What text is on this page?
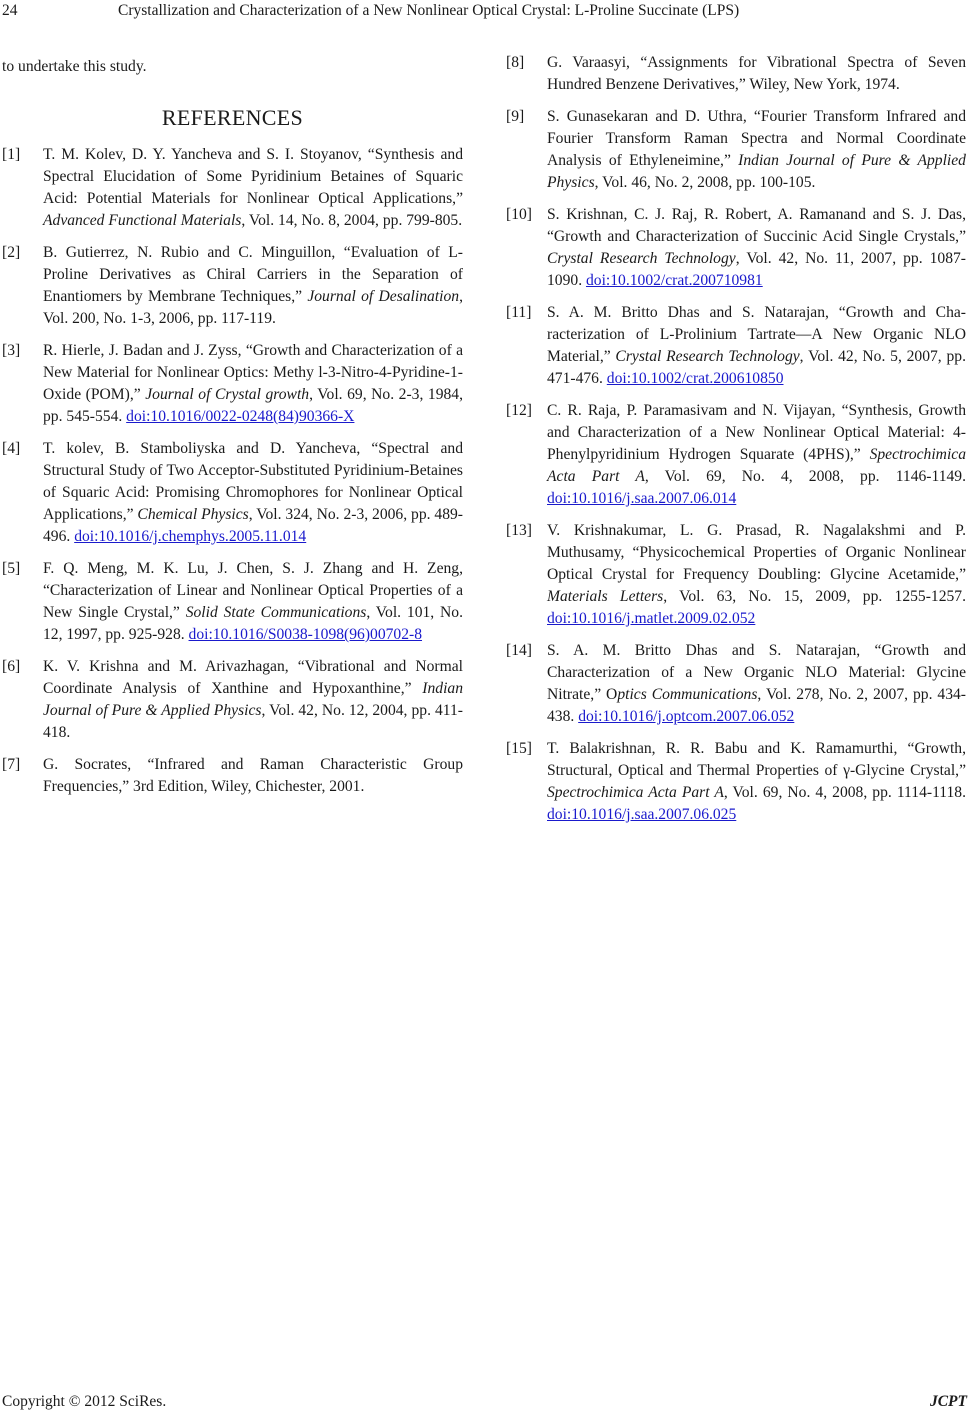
24	Crystallization and Characterization of a New Nonlinear Optical Crystal: L-Proline Succinate (LPS)

to undertake this study.

REFERENCES
[1] T. M. Kolev, D. Y. Yancheva and S. I. Stoyanov, “Synthesis and Spectral Elucidation of Some Pyridinium Betaines of Squaric Acid: Potential Materials for Nonlinear Optical Applications,” Advanced Functional Materials, Vol. 14, No. 8, 2004, pp. 799-805.
[2] B. Gutierrez, N. Rubio and C. Minguillon, “Evaluation of L-Proline Derivatives as Chiral Carriers in the Separation of Enantiomers by Membrane Techniques,” Journal of Desalination, Vol. 200, No. 1-3, 2006, pp. 117-119.
[3] R. Hierle, J. Badan and J. Zyss, “Growth and Characterization of a New Material for Nonlinear Optics: Methy l-3-Nitro-4-Pyridine-1-Oxide (POM),” Journal of Crystal growth, Vol. 69, No. 2-3, 1984, pp. 545-554. doi:10.1016/0022-0248(84)90366-X
[4] T. kolev, B. Stamboliyska and D. Yancheva, “Spectral and Structural Study of Two Acceptor-Substituted Pyridinium-Betaines of Squaric Acid: Promising Chromophores for Nonlinear Optical Applications,” Chemical Physics, Vol. 324, No. 2-3, 2006, pp. 489-496. doi:10.1016/j.chemphys.2005.11.014
[5] F. Q. Meng, M. K. Lu, J. Chen, S. J. Zhang and H. Zeng, “Characterization of Linear and Nonlinear Optical Properties of a New Single Crystal,” Solid State Communications, Vol. 101, No. 12, 1997, pp. 925-928. doi:10.1016/S0038-1098(96)00702-8
[6] K. V. Krishna and M. Arivazhagan, “Vibrational and Normal Coordinate Analysis of Xanthine and Hypoxanthine,” Indian Journal of Pure & Applied Physics, Vol. 42, No. 12, 2004, pp. 411-418.
[7] G. Socrates, “Infrared and Raman Characteristic Group Frequencies,” 3rd Edition, Wiley, Chichester, 2001.
[8] G. Varaasyi, “Assignments for Vibrational Spectra of Seven Hundred Benzene Derivatives,” Wiley, New York, 1974.
[9] S. Gunasekaran and D. Uthra, “Fourier Transform Infrared and Fourier Transform Raman Spectra and Normal Coordinate Analysis of Ethyleneimine,” Indian Journal of Pure & Applied Physics, Vol. 46, No. 2, 2008, pp. 100-105.
[10] S. Krishnan, C. J. Raj, R. Robert, A. Ramanand and S. J. Das, “Growth and Characterization of Succinic Acid Single Crystals,” Crystal Research Technology, Vol. 42, No. 11, 2007, pp. 1087-1090. doi:10.1002/crat.200710981
[11] S. A. M. Britto Dhas and S. Natarajan, “Growth and Characterization of L-Prolinium Tartrate—A New Organic NLO Material,” Crystal Research Technology, Vol. 42, No. 5, 2007, pp. 471-476. doi:10.1002/crat.200610850
[12] C. R. Raja, P. Paramasivam and N. Vijayan, “Synthesis, Growth and Characterization of a New Nonlinear Optical Material: 4-Phenylpyridinium Hydrogen Squarate (4PHS),” Spectrochimica Acta Part A, Vol. 69, No. 4, 2008, pp. 1146-1149. doi:10.1016/j.saa.2007.06.014
[13] V. Krishnakumar, L. G. Prasad, R. Nagalakshmi and P. Muthusamy, “Physicochemical Properties of Organic Nonlinear Optical Crystal for Frequency Doubling: Glycine Acetamide,” Materials Letters, Vol. 63, No. 15, 2009, pp. 1255-1257. doi:10.1016/j.matlet.2009.02.052
[14] S. A. M. Britto Dhas and S. Natarajan, “Growth and Characterization of a New Organic NLO Material: Glycine Nitrate,” Optics Communications, Vol. 278, No. 2, 2007, pp. 434-438. doi:10.1016/j.optcom.2007.06.052
[15] T. Balakrishnan, R. R. Babu and K. Ramamurthi, “Growth, Structural, Optical and Thermal Properties of γ-Glycine Crystal,” Spectrochimica Acta Part A, Vol. 69, No. 4, 2008, pp. 1114-1118. doi:10.1016/j.saa.2007.06.025
Copyright © 2012 SciRes.	JCPT
